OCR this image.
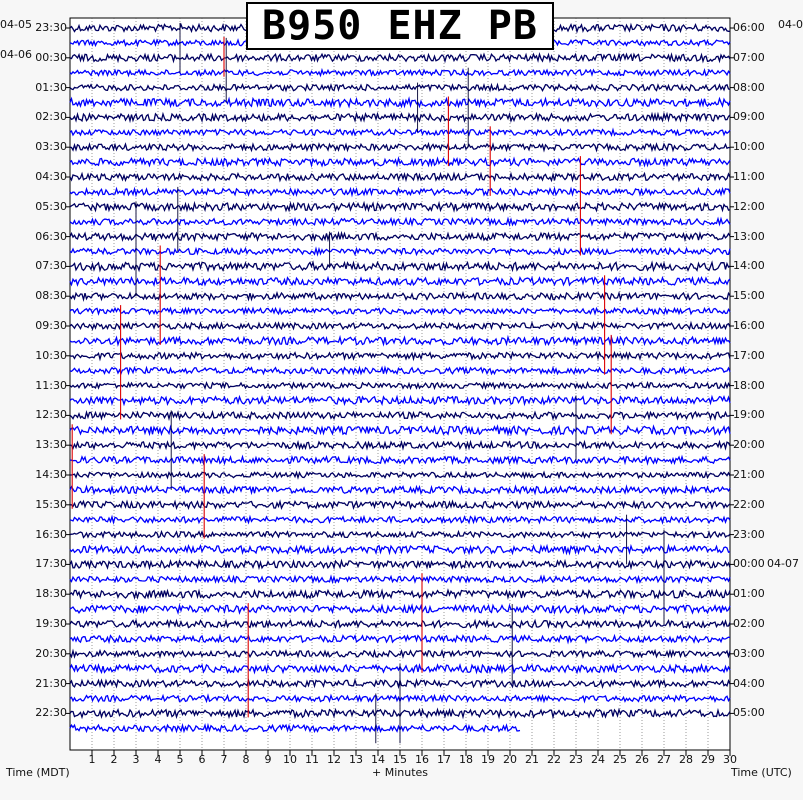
B950 EHZ PB
23:30
00:30
01:30
02:30
03:30
04:30
05:30
06:30
07:30
08:30
09:30
10:30
11:30
12:30
13:30
14:30
15:30
16:30
17:30
18:30
19:30
20:30
21:30
22:30
06:00
07:00
08:00
09:00
10:00
11:00
12:00
13:00
14:00
15:00
16:00
17:00
18:00
19:00
20:00
21:00
22:00
23:00
00:00
01:00
02:00
03:00
04:00
05:00
04-05
04-06
04-0
04-07
1 2 3 4 5 6 7 8 9 10 11 12 13 14 15 16 17 18 19 20 21 22 23 24 25 26 27 28 29 30
+ Minutes
Time (MDT)	Time (UTC)
